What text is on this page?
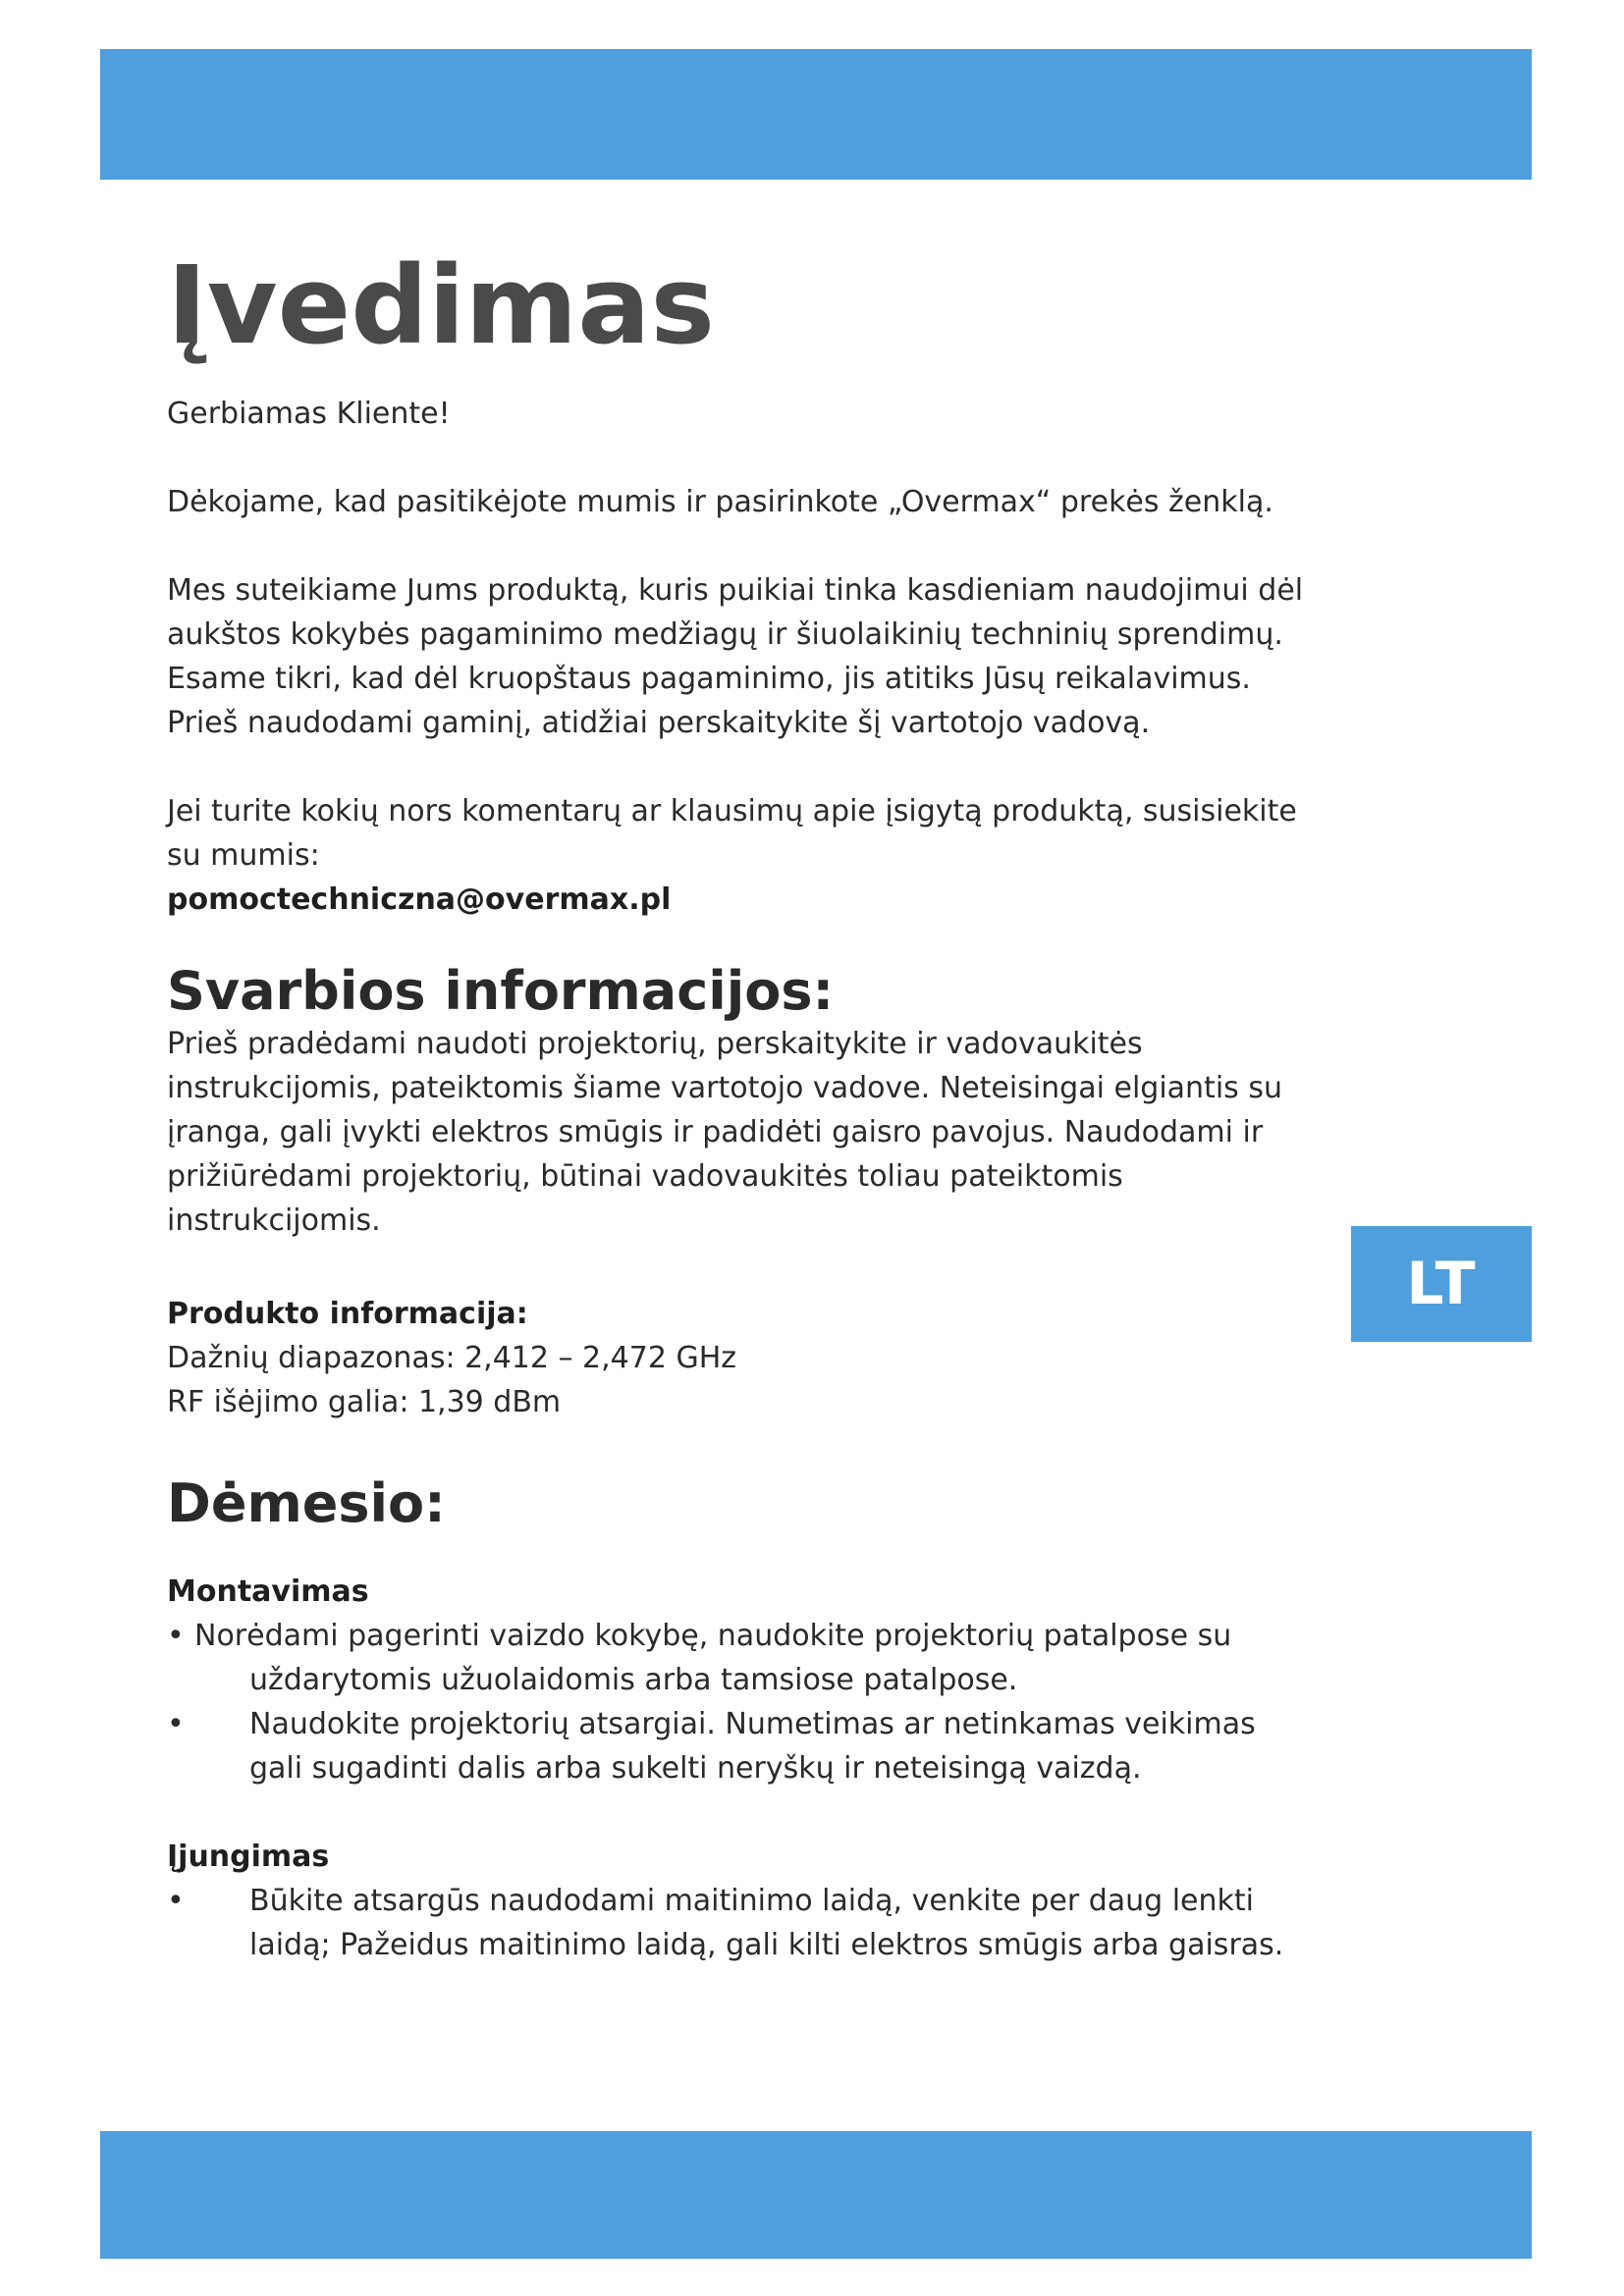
LT
Įvedimas

Gerbiamas Kliente!

Dėkojame, kad pasitikėjote mumis ir pasirinkote „Overmax“ prekės ženklą.

Mes suteikiame Jums produktą, kuris puikiai tinka kasdieniam naudojimui dėl aukštos kokybės pagaminimo medžiagų ir šiuolaikinių techninių sprendimų. Esame tikri, kad dėl kruopštaus pagaminimo, jis atitiks Jūsų reikalavimus. Prieš naudodami gaminį, atidžiai perskaitykite šį vartotojo vadovą.

Jei turite kokių nors komentarų ar klausimų apie įsigytą produktą, susisiekite su mumis:

pomoctechniczna@overmax.pl

Svarbios informacijos:

Prieš pradėdami naudoti projektorių, perskaitykite ir vadovaukitės instrukcijomis, pateiktomis šiame vartotojo vadove. Neteisingai elgiantis su įranga, gali įvykti elektros smūgis ir padidėti gaisro pavojus. Naudodami ir prižiūrėdami projektorių, būtinai vadovaukitės toliau pateiktomis instrukcijomis.

Produkto informacija:

Dažnių diapazonas: 2,412 – 2,472 GHz

RF išėjimo galia: 1,39 dBm

Dėmesio:

Montavimas

• Norėdami pagerinti vaizdo kokybę, naudokite projektorių patalpose su uždarytomis užuolaidomis arba tamsiose patalpose.
•	Naudokite projektorių atsargiai. Numetimas ar netinkamas veikimas gali sugadinti dalis arba sukelti neryškų ir neteisingą vaizdą.

Įjungimas

•	Būkite atsargūs naudodami maitinimo laidą, venkite per daug lenkti laidą; Pažeidus maitinimo laidą, gali kilti elektros smūgis arba gaisras.
